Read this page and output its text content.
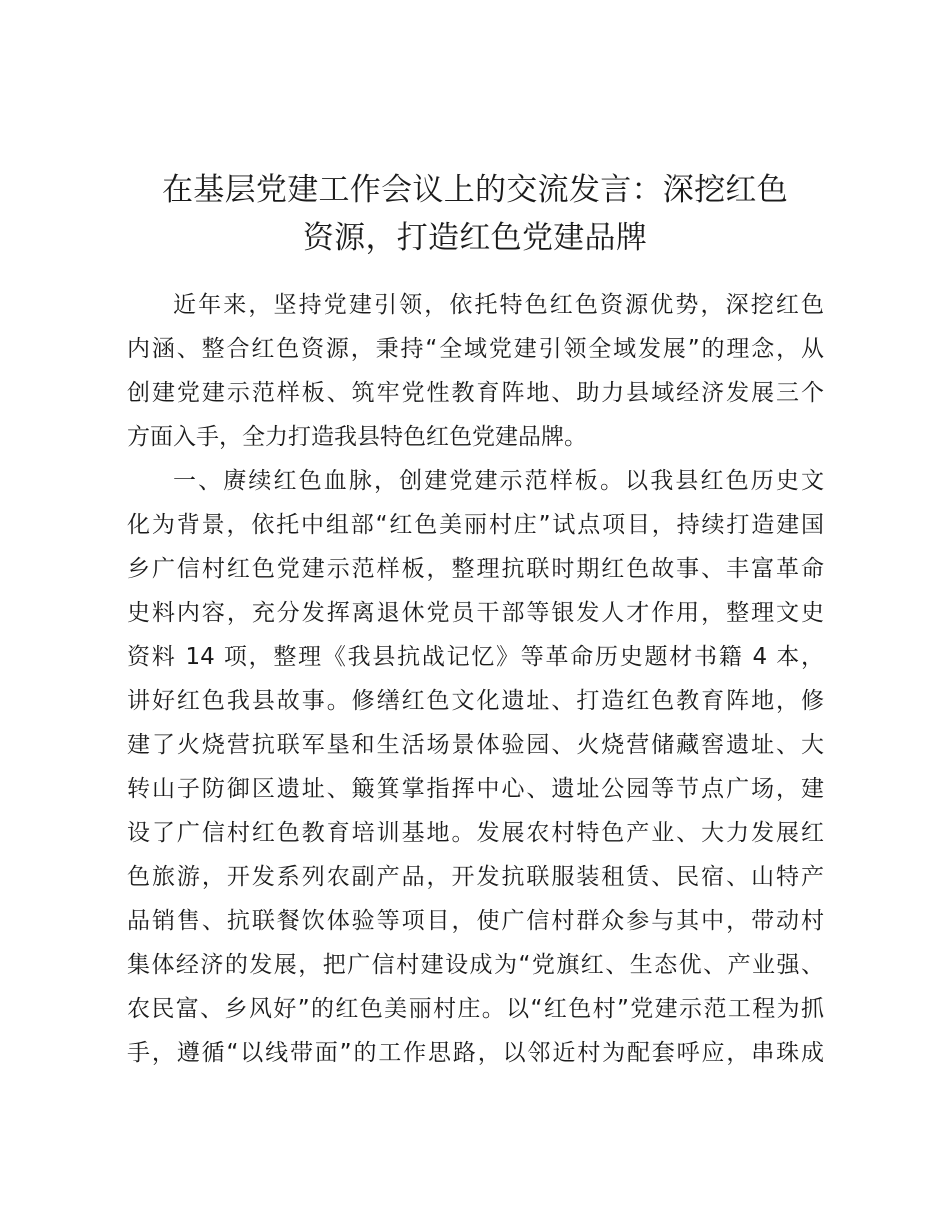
在基层党建工作会议上的交流发言：深挖红色
资源，打造红色党建品牌
近年来，坚持党建引领，依托特色红色资源优势，深挖红色
内涵、整合红色资源，秉持“全域党建引领全域发展”的理念，从
创建党建示范样板、筑牢党性教育阵地、助力县域经济发展三个
方面入手，全力打造我县特色红色党建品牌。
一、赓续红色血脉，创建党建示范样板。以我县红色历史文
化为背景，依托中组部“红色美丽村庄”试点项目，持续打造建国
乡广信村红色党建示范样板，整理抗联时期红色故事、丰富革命
史料内容，充分发挥离退休党员干部等银发人才作用，整理文史
资料 14 项，整理《我县抗战记忆》等革命历史题材书籍 4 本，
讲好红色我县故事。修缮红色文化遗址、打造红色教育阵地，修
建了火烧营抗联军垦和生活场景体验园、火烧营储藏窖遗址、大
转山子防御区遗址、簸箕掌指挥中心、遗址公园等节点广场，建
设了广信村红色教育培训基地。发展农村特色产业、大力发展红
色旅游，开发系列农副产品，开发抗联服装租赁、民宿、山特产
品销售、抗联餐饮体验等项目，使广信村群众参与其中，带动村
集体经济的发展，把广信村建设成为“党旗红、生态优、产业强、
农民富、乡风好”的红色美丽村庄。以“红色村”党建示范工程为抓
手，遵循“以线带面”的工作思路，以邻近村为配套呼应，串珠成
